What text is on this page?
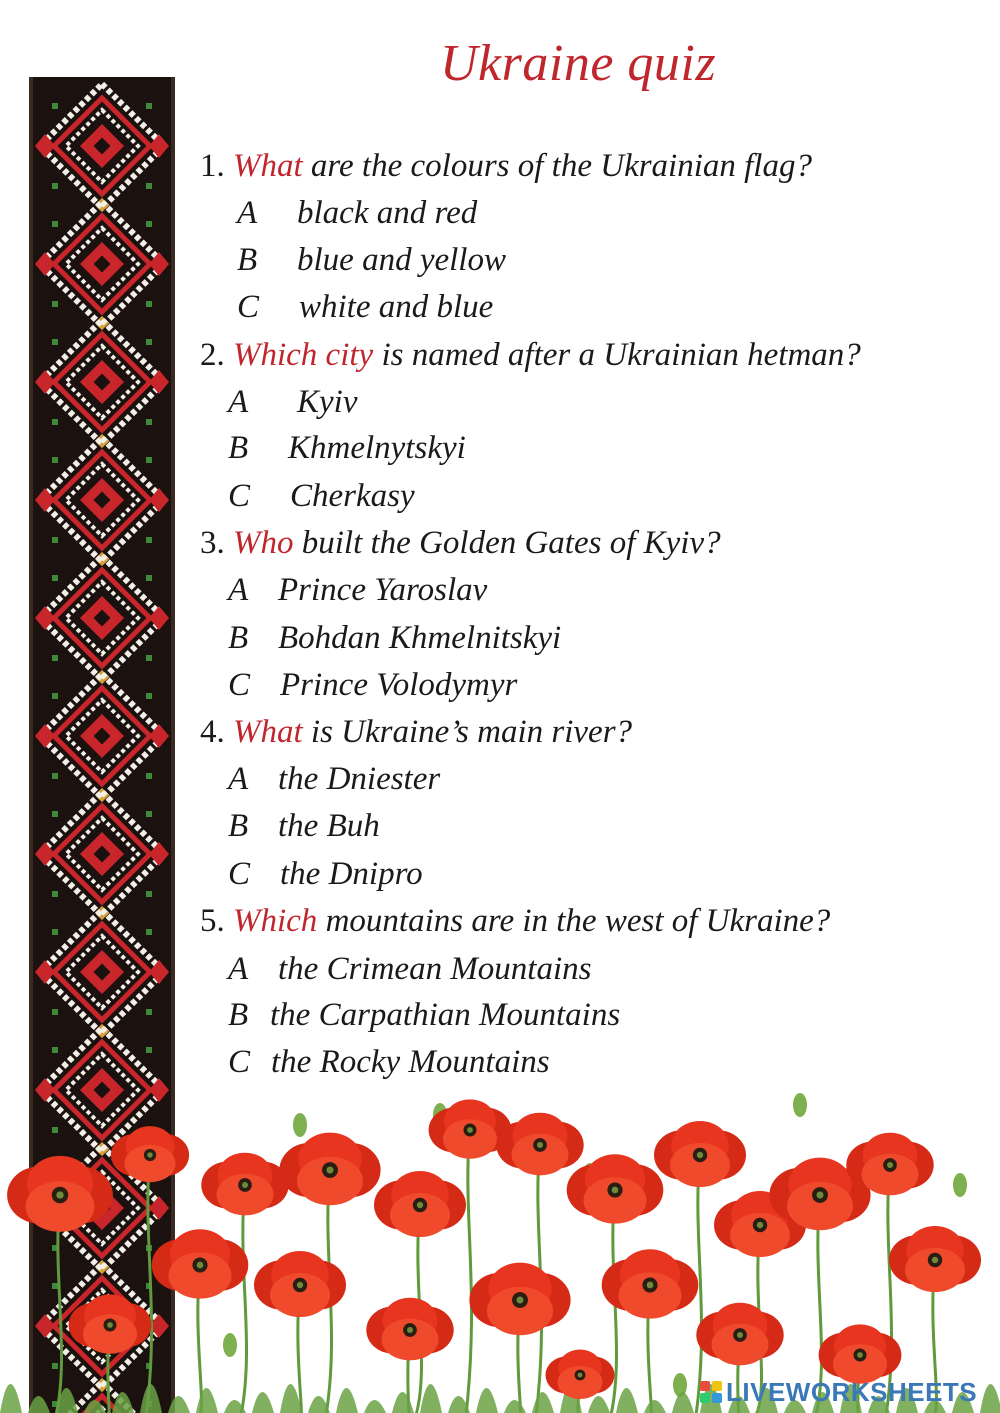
Ukraine quiz
1. What are the colours of the Ukrainian flag?
A black and red
B blue and yellow
C white and blue
2. Which city is named after a Ukrainian hetman?
A Kyiv
B Khmelnytskyi
C Cherkasy
3. Who built the Golden Gates of Kyiv?
A Prince Yaroslav
B Bohdan Khmelnitskyi
C Prince Volodymyr
4. What is Ukraine’s main river?
A the Dniester
B the Buh
C the Dnipro
5. Which mountains are in the west of Ukraine?
A the Crimean Mountains
B the Carpathian Mountains
C the Rocky Mountains
LIVEWORKSHEETS
